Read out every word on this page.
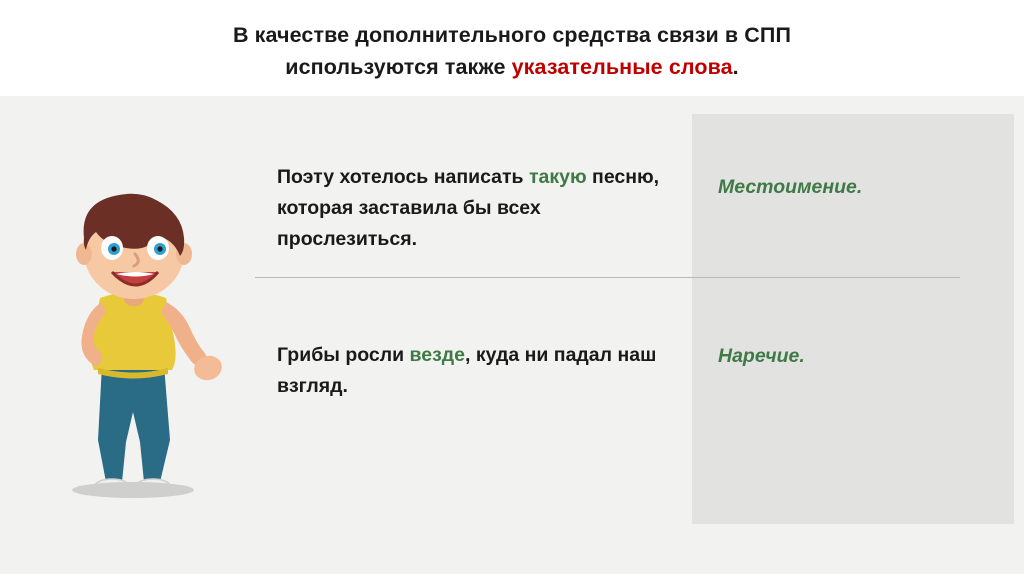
В качестве дополнительного средства связи в СПП
используются также указательные слова.
Местоимение.
Наречие.
Поэту хотелось написать такую песню, которая заставила бы всех прослезиться.
Грибы росли везде, куда ни падал наш взгляд.
